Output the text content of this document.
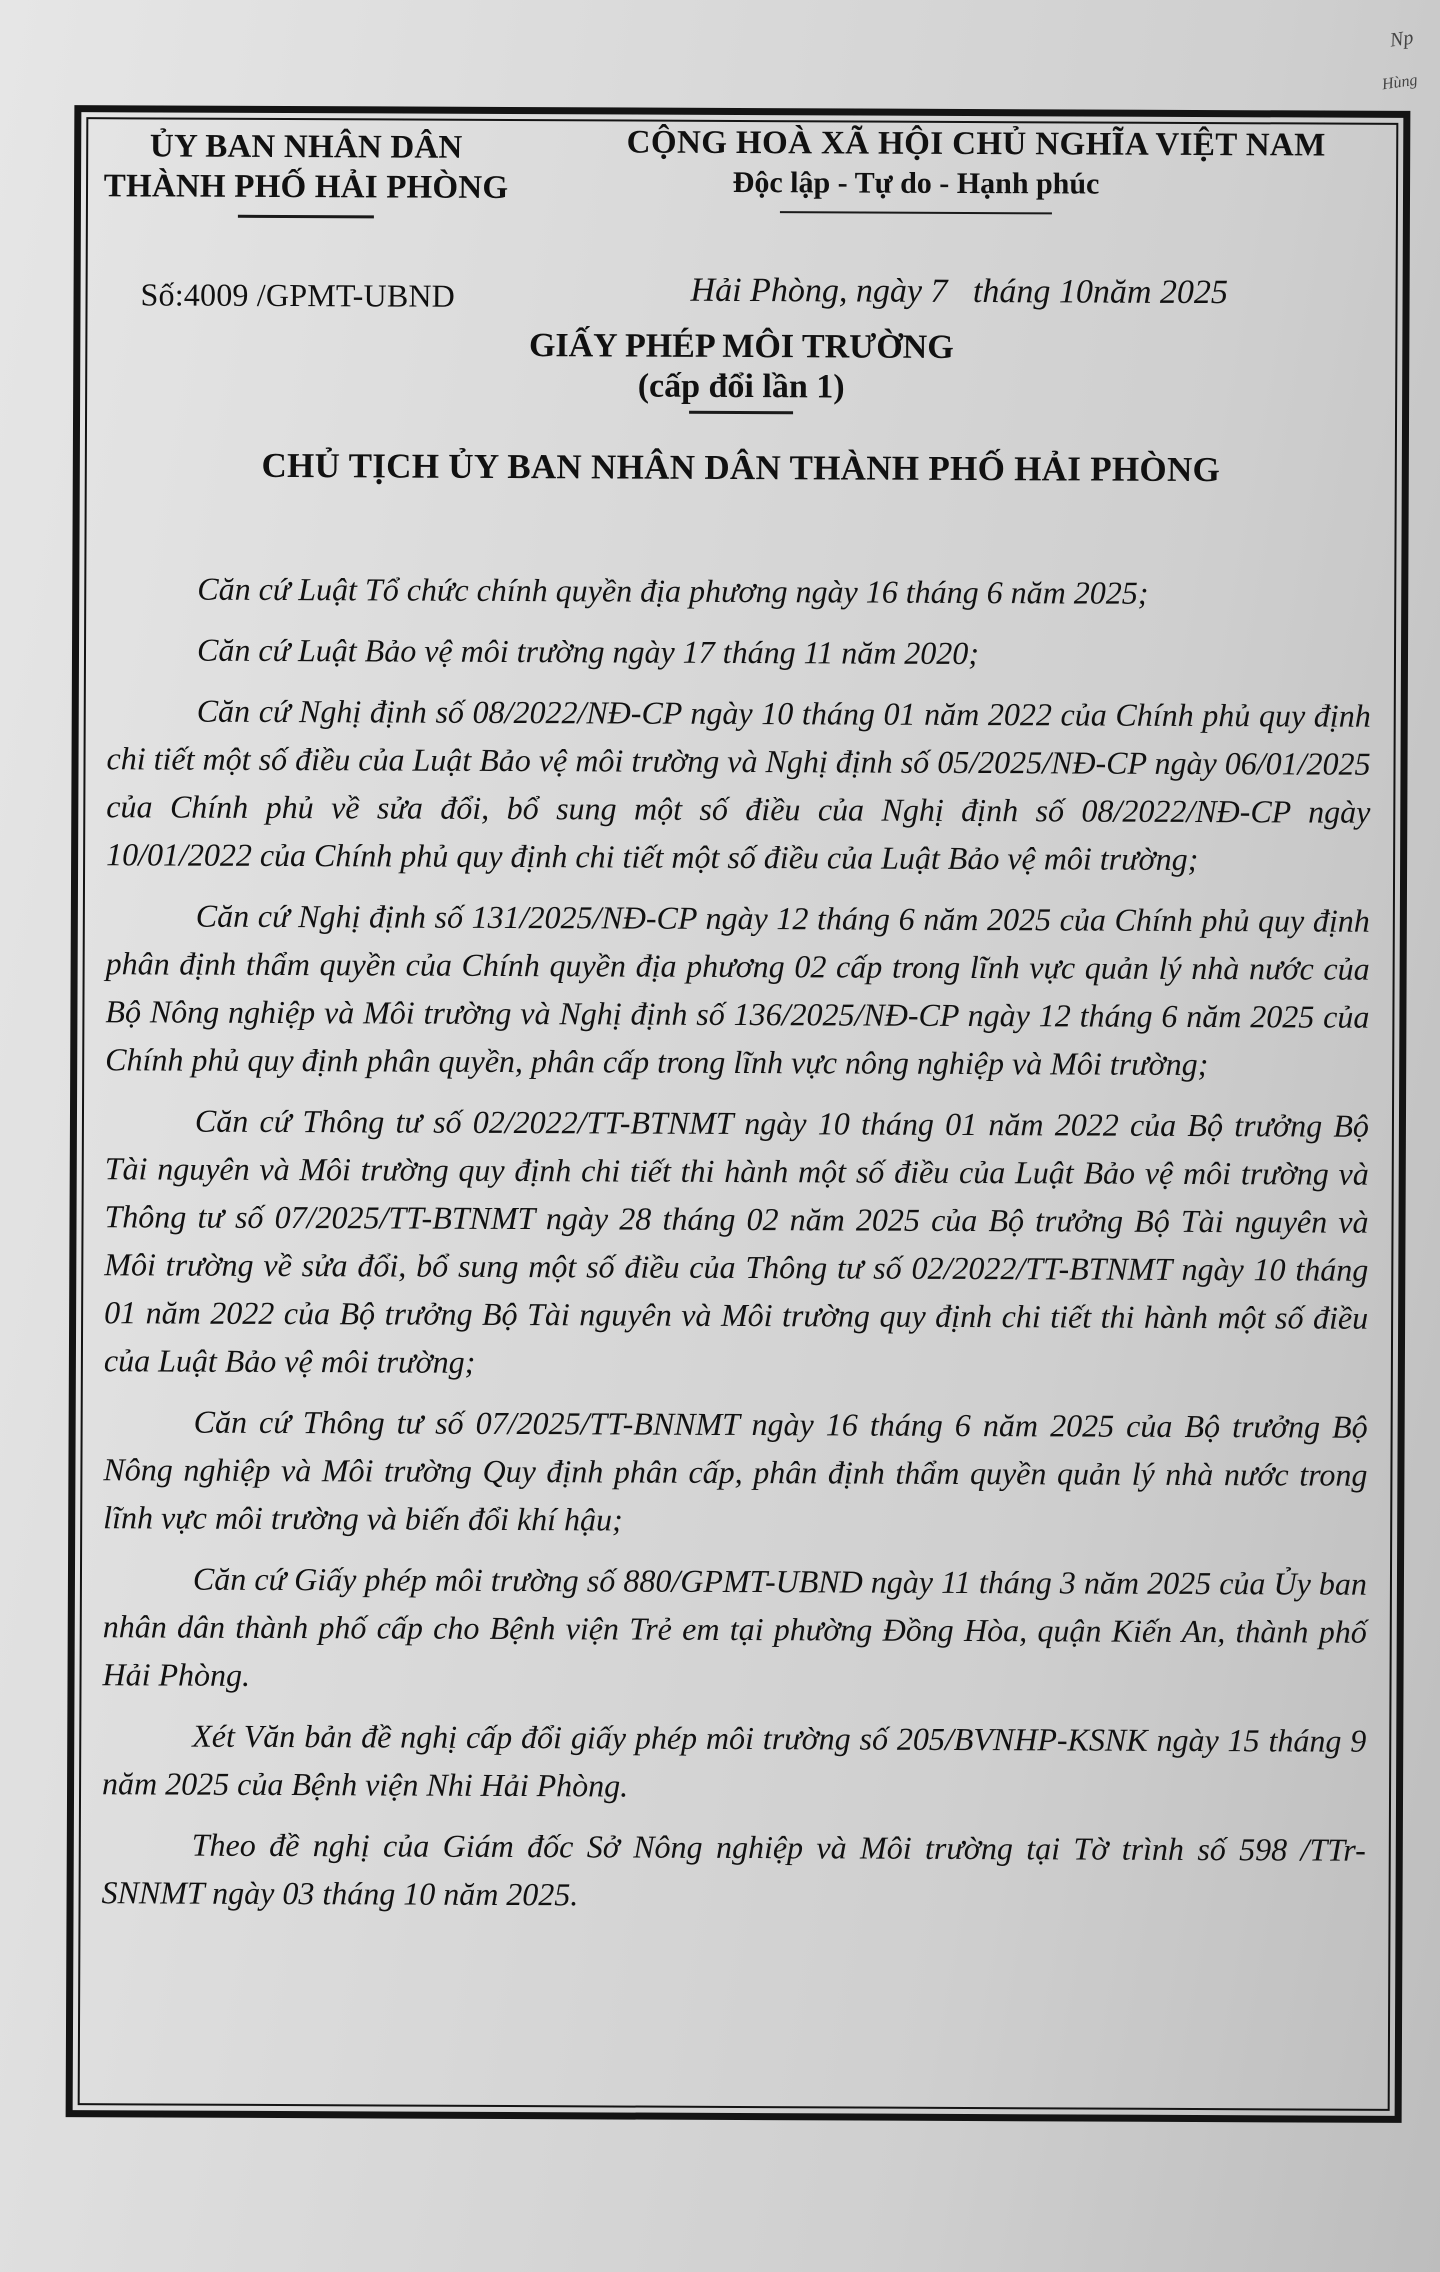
Np
Hùng
ỦY BAN NHÂN DÂN
THÀNH PHỐ HẢI PHÒNG
CỘNG HOÀ XÃ HỘI CHỦ NGHĨA VIỆT NAM
Độc lập - Tự do - Hạnh phúc
Số:4009 /GPMT-UBND	Hải Phòng, ngày 7   tháng 10năm 2025
GIẤY PHÉP MÔI TRƯỜNG
(cấp đổi lần 1)
CHỦ TỊCH ỦY BAN NHÂN DÂN THÀNH PHỐ HẢI PHÒNG

Căn cứ Luật Tổ chức chính quyền địa phương ngày 16 tháng 6 năm 2025;

Căn cứ Luật Bảo vệ môi trường ngày 17 tháng 11 năm 2020;

Căn cứ Nghị định số 08/2022/NĐ-CP ngày 10 tháng 01 năm 2022 của Chính phủ quy định chi tiết một số điều của Luật Bảo vệ môi trường và Nghị định số 05/2025/NĐ-CP ngày 06/01/2025 của Chính phủ về sửa đổi, bổ sung một số điều của Nghị định số 08/2022/NĐ-CP ngày 10/01/2022 của Chính phủ quy định chi tiết một số điều của Luật Bảo vệ môi trường;

Căn cứ Nghị định số 131/2025/NĐ-CP ngày 12 tháng 6 năm 2025 của Chính phủ quy định phân định thẩm quyền của Chính quyền địa phương 02 cấp trong lĩnh vực quản lý nhà nước của Bộ Nông nghiệp và Môi trường và Nghị định số 136/2025/NĐ-CP ngày 12 tháng 6 năm 2025 của Chính phủ quy định phân quyền, phân cấp trong lĩnh vực nông nghiệp và Môi trường;

Căn cứ Thông tư số 02/2022/TT-BTNMT ngày 10 tháng 01 năm 2022 của Bộ trưởng Bộ Tài nguyên và Môi trường quy định chi tiết thi hành một số điều của Luật Bảo vệ môi trường và Thông tư số 07/2025/TT-BTNMT ngày 28 tháng 02 năm 2025 của Bộ trưởng Bộ Tài nguyên và Môi trường về sửa đổi, bổ sung một số điều của Thông tư số 02/2022/TT-BTNMT ngày 10 tháng 01 năm 2022 của Bộ trưởng Bộ Tài nguyên và Môi trường quy định chi tiết thi hành một số điều của Luật Bảo vệ môi trường;

Căn cứ Thông tư số 07/2025/TT-BNNMT ngày 16 tháng 6 năm 2025 của Bộ trưởng Bộ Nông nghiệp và Môi trường Quy định phân cấp, phân định thẩm quyền quản lý nhà nước trong lĩnh vực môi trường và biến đổi khí hậu;

Căn cứ Giấy phép môi trường số 880/GPMT-UBND ngày 11 tháng 3 năm 2025 của Ủy ban nhân dân thành phố cấp cho Bệnh viện Trẻ em tại phường Đồng Hòa, quận Kiến An, thành phố Hải Phòng.

Xét Văn bản đề nghị cấp đổi giấy phép môi trường số 205/BVNHP-KSNK ngày 15 tháng 9 năm 2025 của Bệnh viện Nhi Hải Phòng.

Theo đề nghị của Giám đốc Sở Nông nghiệp và Môi trường tại Tờ trình số 598 /TTr-SNNMT ngày 03 tháng 10 năm 2025.
